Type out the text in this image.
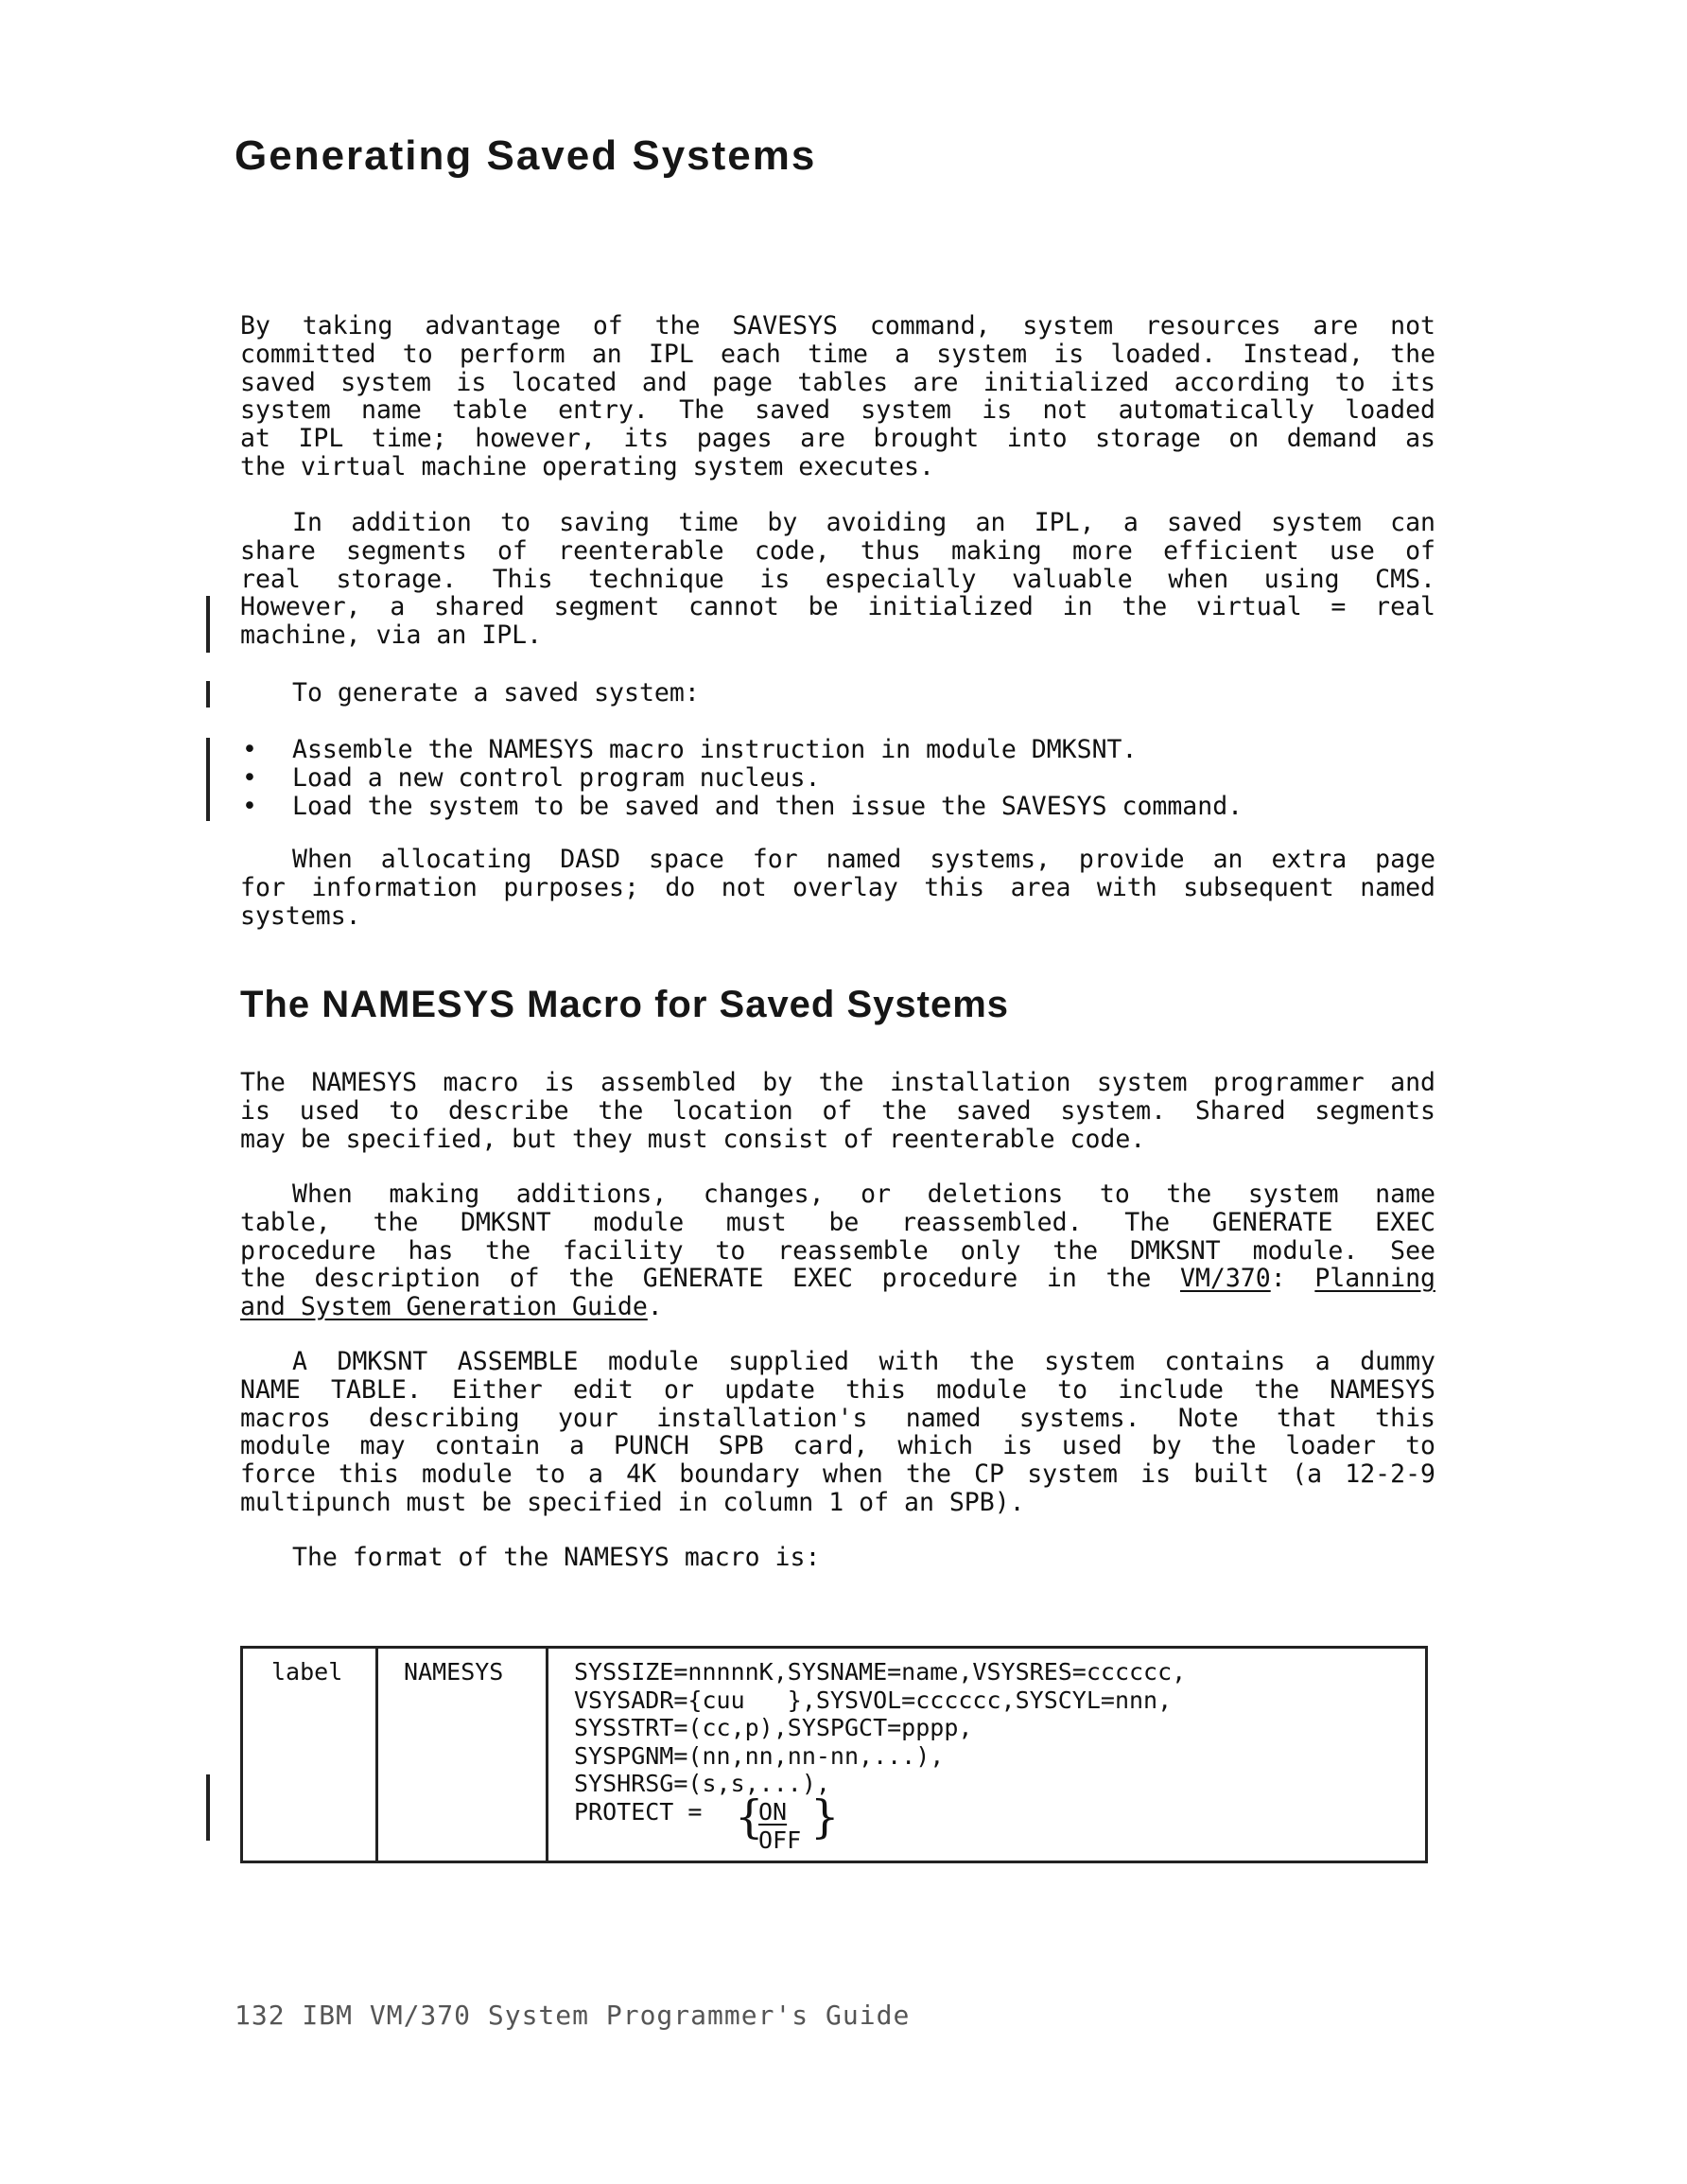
Generating Saved Systems
By taking advantage of the SAVESYS command, system resources are not
committed to perform an IPL each time a system is loaded. Instead, the
saved system is located and page tables are initialized according to its
system name table entry. The saved system is not automatically loaded
at IPL time; however, its pages are brought into storage on demand as
the virtual machine operating system executes.
In addition to saving time by avoiding an IPL, a saved system can
share segments of reenterable code, thus making more efficient use of
real storage. This technique is especially valuable when using CMS.
However, a shared segment cannot be initialized in the virtual = real
machine, via an IPL.
To generate a saved system:
• Assemble the NAMESYS macro instruction in module DMKSNT.
• Load a new control program nucleus.
• Load the system to be saved and then issue the SAVESYS command.
When allocating DASD space for named systems, provide an extra page
for information purposes; do not overlay this area with subsequent named
systems.
The NAMESYS Macro for Saved Systems
The NAMESYS macro is assembled by the installation system programmer and
is used to describe the location of the saved system. Shared segments
may be specified, but they must consist of reenterable code.
When making additions, changes, or deletions to the system name
table, the DMKSNT module must be reassembled. The GENERATE EXEC
procedure has the facility to reassemble only the DMKSNT module. See
the description of the GENERATE EXEC procedure in the VM/370: Planning
and System Generation Guide.
A DMKSNT ASSEMBLE module supplied with the system contains a dummy
NAME TABLE. Either edit or update this module to include the NAMESYS
macros describing your installation's named systems. Note that this
module may contain a PUNCH SPB card, which is used by the loader to
force this module to a 4K boundary when the CP system is built (a 12-2-9
multipunch must be specified in column 1 of an SPB).
The format of the NAMESYS macro is:
label	NAMESYS	SYSSIZE=nnnnnK,SYSNAME=name,VSYSRES=cccccc,
VSYSADR={cuu   },SYSVOL=cccccc,SYSCYL=nnn,
SYSSTRT=(cc,p),SYSPGCT=pppp,
SYSPGNM=(nn,nn,nn-nn,...),
SYSHRSG=(s,s,...),
PROTECT = {
ON
OFF }
132 IBM VM/370 System Programmer's Guide
